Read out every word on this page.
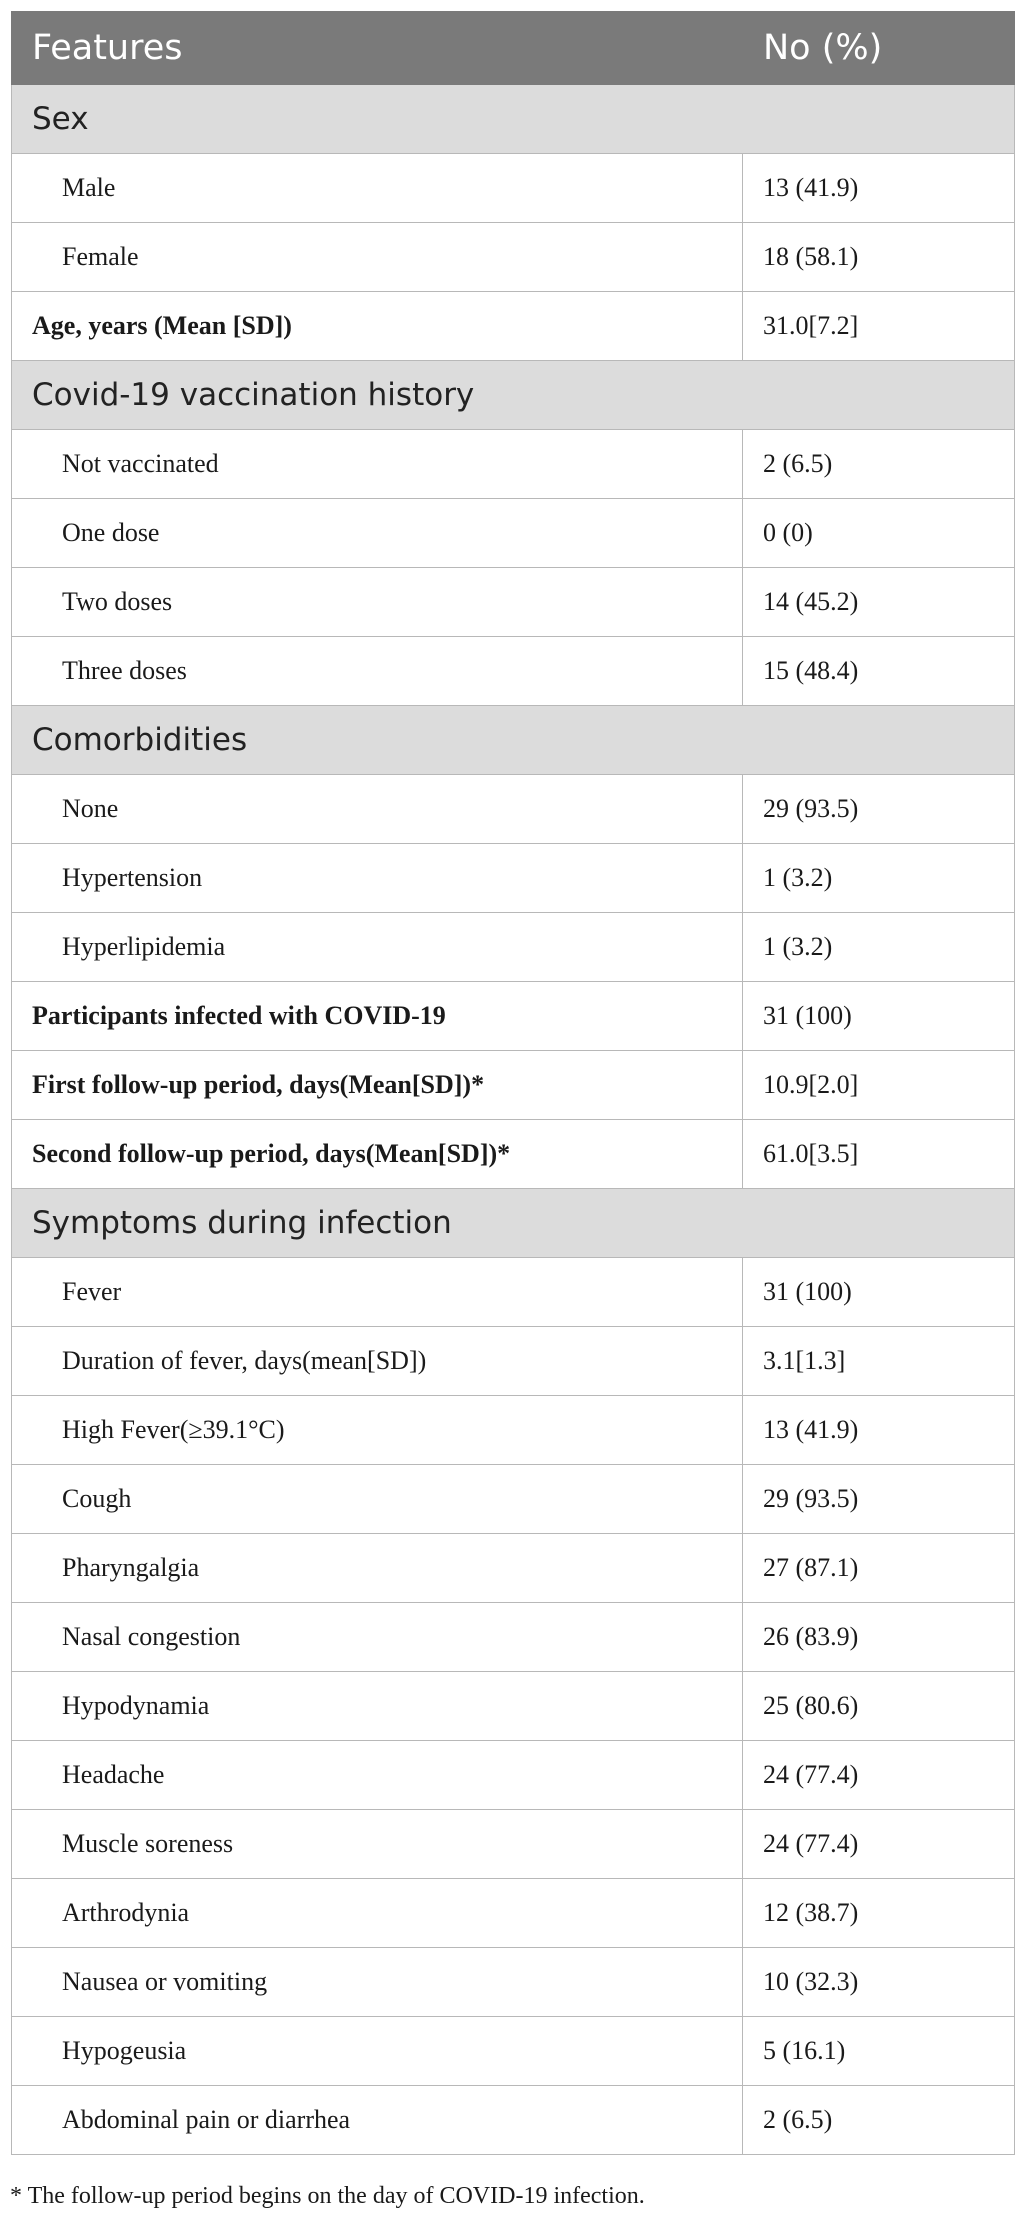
Features	No (%)
Sex	
Male	13 (41.9)
Female	18 (58.1)
Age, years (Mean [SD])	31.0[7.2]
Covid-19 vaccination history	
Not vaccinated	2 (6.5)
One dose	0 (0)
Two doses	14 (45.2)
Three doses	15 (48.4)
Comorbidities	
None	29 (93.5)
Hypertension	1 (3.2)
Hyperlipidemia	1 (3.2)
Participants infected with COVID-19	31 (100)
First follow-up period, days(Mean[SD])*	10.9[2.0]
Second follow-up period, days(Mean[SD])*	61.0[3.5]
Symptoms during infection	
Fever	31 (100)
Duration of fever, days(mean[SD])	3.1[1.3]
High Fever(≥39.1°C)	13 (41.9)
Cough	29 (93.5)
Pharyngalgia	27 (87.1)
Nasal congestion	26 (83.9)
Hypodynamia	25 (80.6)
Headache	24 (77.4)
Muscle soreness	24 (77.4)
Arthrodynia	12 (38.7)
Nausea or vomiting	10 (32.3)
Hypogeusia	5 (16.1)
Abdominal pain or diarrhea	2 (6.5)
* The follow-up period begins on the day of COVID-19 infection.
